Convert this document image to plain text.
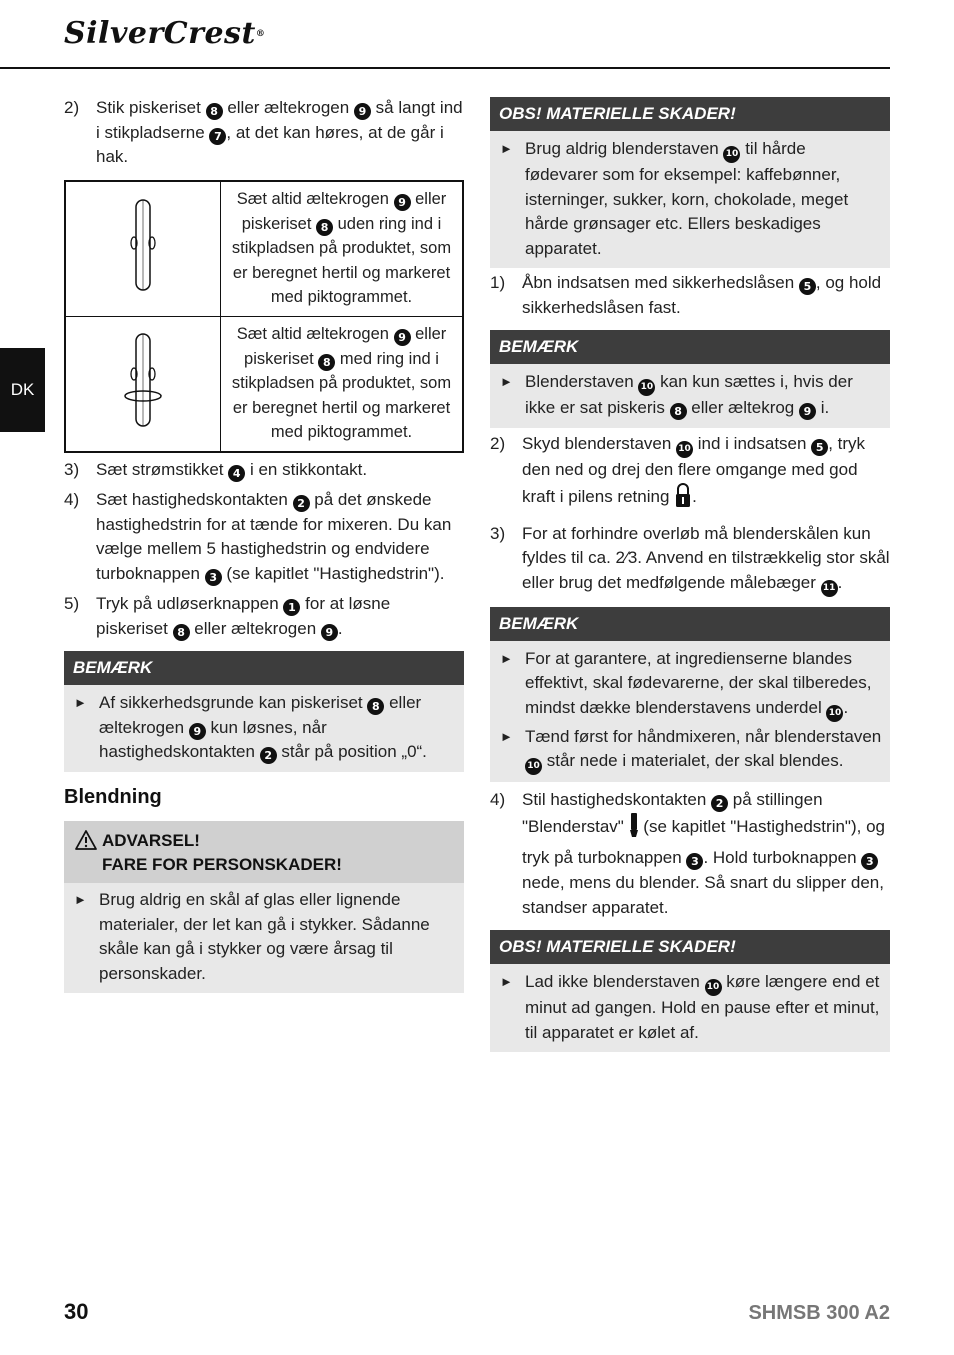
SilverCrest®
DK
2) Stik piskeriset 8 eller æltekrogen 9 så langt ind i stikpladserne 7 , at det kan høres, at de går i hak.
	Sæt altid æltekrogen 9 eller piskeriset 8 uden ring ind i stikpladsen på produktet, som er beregnet hertil og markeret med piktogrammet.
	Sæt altid æltekrogen 9 eller piskeriset 8 med ring ind i stikpladsen på produktet, som er beregnet hertil og markeret med piktogrammet.
3) Sæt strømstikket 4 i en stikkontakt.
4) Sæt hastighedskontakten 2 på det ønskede hastighedstrin for at tænde for mixeren. Du kan vælge mellem 5 hastighedstrin og endvidere turboknappen 3 (se kapitlet "Hastighedstrin").
5) Tryk på udløserknappen 1 for at løsne piskeriset 8 eller æltekrogen 9 .
BEMÆRK
► Af sikkerhedsgrunde kan piskeriset 8 eller æltekrogen 9 kun løsnes, når hastighedskontakten 2 står på position „0“.
Blendning
ADVARSEL!
FARE FOR PERSONSKADER!
► Brug aldrig en skål af glas eller lignende materialer, der let kan gå i stykker. Sådanne skåle kan gå i stykker og være årsag til personskader.
OBS! MATERIELLE SKADER!
► Brug aldrig blenderstaven 10 til hårde fødevarer som for eksempel: kaffebønner, isterninger, sukker, korn, chokolade, meget hårde grønsager etc. Ellers beskadiges apparatet.
1) Åbn indsatsen med sikkerhedslåsen 5 , og hold sikkerhedslåsen fast.
BEMÆRK
► Blenderstaven 10 kan kun sættes i, hvis der ikke er sat piskeris 8 eller æltekrog 9 i.
2) Skyd blenderstaven 10 ind i indsatsen 5 , tryk den ned og drej den flere omgange med god kraft i pilens retning .
3) For at forhindre overløb må blenderskålen kun fyldes til ca. 2⁄3. Anvend en tilstrækkelig stor skål eller brug det medfølgende målebæger 11 .
BEMÆRK
► For at garantere, at ingredienserne blandes effektivt, skal fødevarerne, der skal tilberedes, mindst dække blenderstavens underdel 10 .
► Tænd først for håndmixeren, når blenderstaven 10 står nede i materialet, der skal blendes.
4) Stil hastighedskontakten 2 på stillingen "Blenderstav"  (se kapitlet "Hastighedstrin"), og tryk på turboknappen 3 . Hold turboknappen 3 nede, mens du blender. Så snart du slipper den, standser apparatet.
OBS! MATERIELLE SKADER!
► Lad ikke blenderstaven 10 køre længere end et minut ad gangen. Hold en pause efter et minut, til apparatet er kølet af.
30	SHMSB 300 A2
